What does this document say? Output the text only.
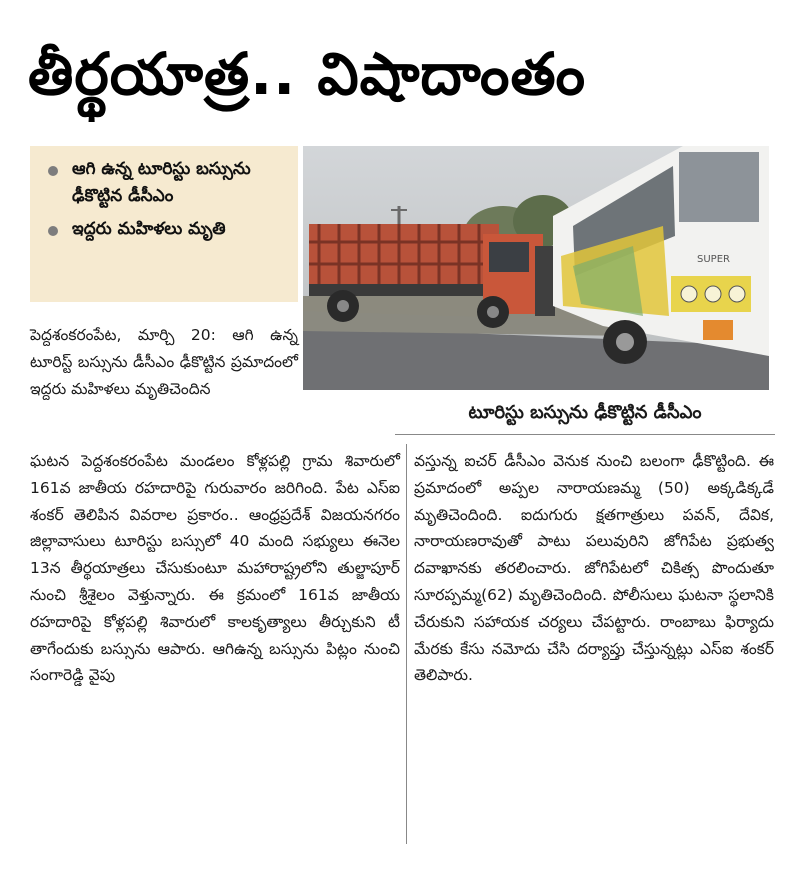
తీర్థయాత్ర.. విషాదాంతం
ఆగి ఉన్న టూరిస్టు బస్సును ఢీకొట్టిన డీసీఎం
ఇద్దరు మహిళలు మృతి
SUPER
టూరిస్టు బస్సును ఢీకొట్టిన డీసీఎం

పెద్దశంకరంపేట, మార్చి 20: ఆగి ఉన్న టూరిస్ట్ బస్సును డీసీఎం ఢీకొట్టిన ప్రమాదంలో ఇద్దరు మహిళలు మృతిచెందిన

ఘటన పెద్దశంకరంపేట మండలం కోళ్లపల్లి గ్రామ శివారులో 161వ జాతీయ రహదారిపై గురువారం జరిగింది. పేట ఎస్ఐ శంకర్ తెలిపిన వివరాల ప్రకారం.. ఆంధ్రప్రదేశ్ విజయనగరం జిల్లావాసులు టూరిస్టు బస్సులో 40 మంది సభ్యులు ఈనెల 13న తీర్థయాత్రలు చేసుకుంటూ మహారాష్ట్రలోని తుల్జాపూర్ నుంచి శ్రీశైలం వెళ్తున్నారు. ఈ క్రమంలో 161వ జాతీయ రహదారిపై కోళ్లపల్లి శివారులో కాలకృత్యాలు తీర్చుకుని టీ తాగేందుకు బస్సును ఆపారు. ఆగిఉన్న బస్సును పిట్లం నుంచి సంగారెడ్డి వైపు

వస్తున్న ఐచర్ డీసీఎం వెనుక నుంచి బలంగా ఢీకొట్టింది. ఈ ప్రమాదంలో అప్పల నారాయణమ్మ (50) అక్కడిక్కడే మృతిచెందింది. ఐదుగురు క్షతగాత్రులు పవన్, దేవిక, నారాయణరావుతో పాటు పలువురిని జోగిపేట ప్రభుత్వ దవాఖానకు తరలించారు. జోగిపేటలో చికిత్స పొందుతూ సూరప్పమ్మ(62) మృతిచెందింది. పోలీసులు ఘటనా స్థలానికి చేరుకుని సహాయక చర్యలు చేపట్టారు. రాంబాబు ఫిర్యాదు మేరకు కేసు నమోదు చేసి దర్యాప్తు చేస్తున్నట్లు ఎస్ఐ శంకర్ తెలిపారు.
